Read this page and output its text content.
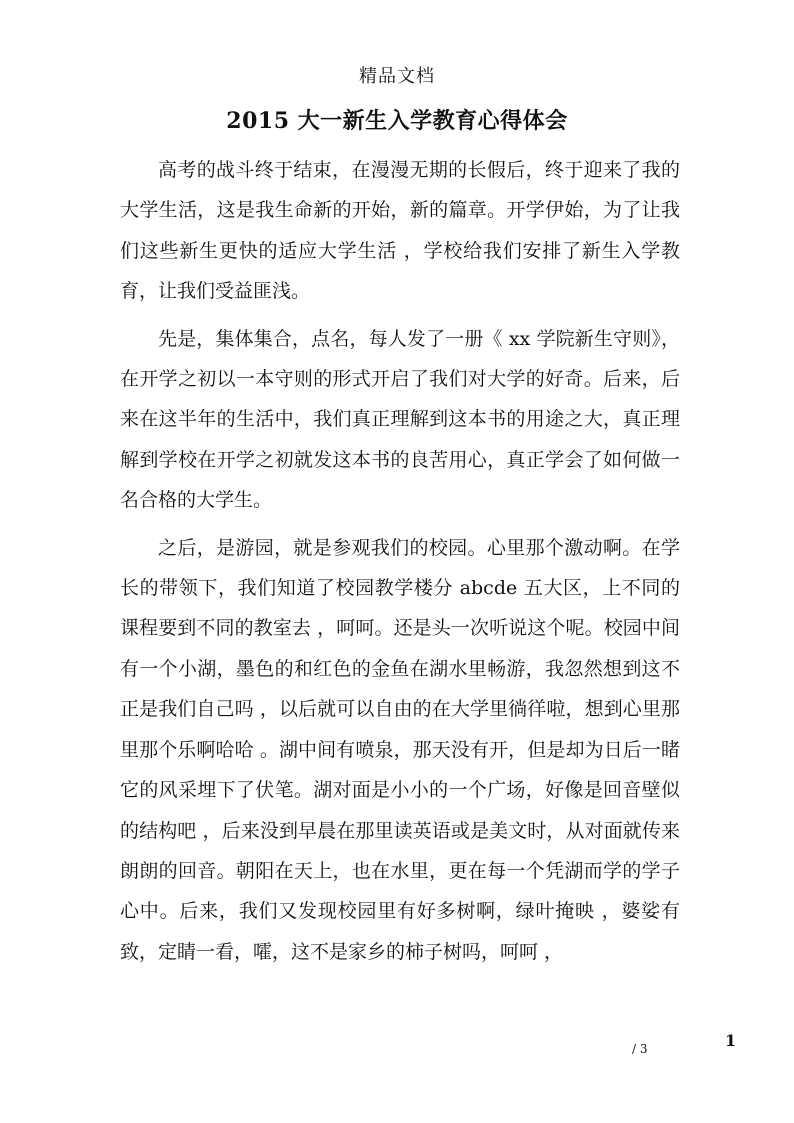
精品文档
2015 大一新生入学教育心得体会

高考的战斗终于结束，在漫漫无期的长假后，终于迎来了我的大学生活，这是我生命新的开始，新的篇章。开学伊始，为了让我们这些新生更快的适应大学生活 ，学校给我们安排了新生入学教育，让我们受益匪浅。

先是，集体集合，点名，每人发了一册《 xx 学院新生守则》，在开学之初以一本守则的形式开启了我们对大学的好奇。后来，后来在这半年的生活中，我们真正理解到这本书的用途之大，真正理解到学校在开学之初就发这本书的良苦用心，真正学会了如何做一名合格的大学生。

之后，是游园，就是参观我们的校园。心里那个激动啊。在学长的带领下，我们知道了校园教学楼分 abcde 五大区，上不同的课程要到不同的教室去 ，呵呵。还是头一次听说这个呢。校园中间有一个小湖，墨色的和红色的金鱼在湖水里畅游，我忽然想到这不正是我们自己吗 ，以后就可以自由的在大学里徜徉啦，想到心里那里那个乐啊哈哈 。湖中间有喷泉，那天没有开，但是却为日后一睹它的风采埋下了伏笔。湖对面是小小的一个广场，好像是回音壁似的结构吧 ，后来没到早晨在那里读英语或是美文时，从对面就传来朗朗的回音。朝阳在天上，也在水里，更在每一个凭湖而学的学子心中。后来，我们又发现校园里有好多树啊，绿叶掩映 ，婆娑有致，定睛一看，嚯，这不是家乡的柿子树吗，呵呵 ，

1
/ 3
